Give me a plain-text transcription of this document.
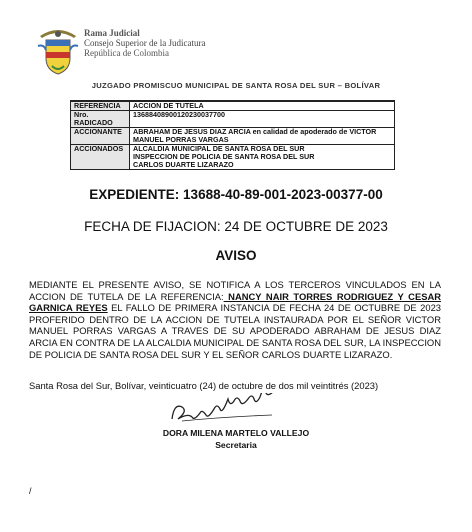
Rama Judicial
Consejo Superior de la Judicatura
República de Colombia
JUZGADO PROMISCUO MUNICIPAL DE SANTA ROSA DEL SUR – BOLÍVAR
REFERENCIA	ACCION DE TUTELA
Nro. RADICADO	13688408900120230037700
ACCIONANTE	ABRAHAM DE JESUS DIAZ ARCIA en calidad de apoderado de VICTOR MANUEL PORRAS VARGAS
ACCIONADOS	ALCALDIA MUNICIPAL DE SANTA ROSA DEL SUR
INSPECCION DE POLICIA DE SANTA ROSA DEL SUR
CARLOS DUARTE LIZARAZO
EXPEDIENTE: 13688-40-89-001-2023-00377-00
FECHA DE FIJACION: 24 DE OCTUBRE DE 2023
AVISO
MEDIANTE EL PRESENTE AVISO, SE NOTIFICA A LOS TERCEROS VINCULADOS EN LA ACCION DE TUTELA DE LA REFERENCIA: NANCY NAIR TORRES RODRIGUEZ Y CESAR GARNICA REYES EL FALLO DE PRIMERA INSTANCIA DE FECHA 24 DE OCTUBRE DE 2023 PROFERIDO DENTRO DE LA ACCION DE TUTELA INSTAURADA POR EL SEÑOR VICTOR MANUEL PORRAS VARGAS A TRAVES DE SU APODERADO ABRAHAM DE JESUS DIAZ ARCIA EN CONTRA DE LA ALCALDIA MUNICIPAL DE SANTA ROSA DEL SUR, LA INSPECCION DE POLICIA DE SANTA ROSA DEL SUR Y EL SEÑOR CARLOS DUARTE LIZARAZO.
Santa Rosa del Sur, Bolívar, veinticuatro (24) de octubre de dos mil veintitrés (2023)
DORA MILENA MARTELO VALLEJO
Secretaria
/
